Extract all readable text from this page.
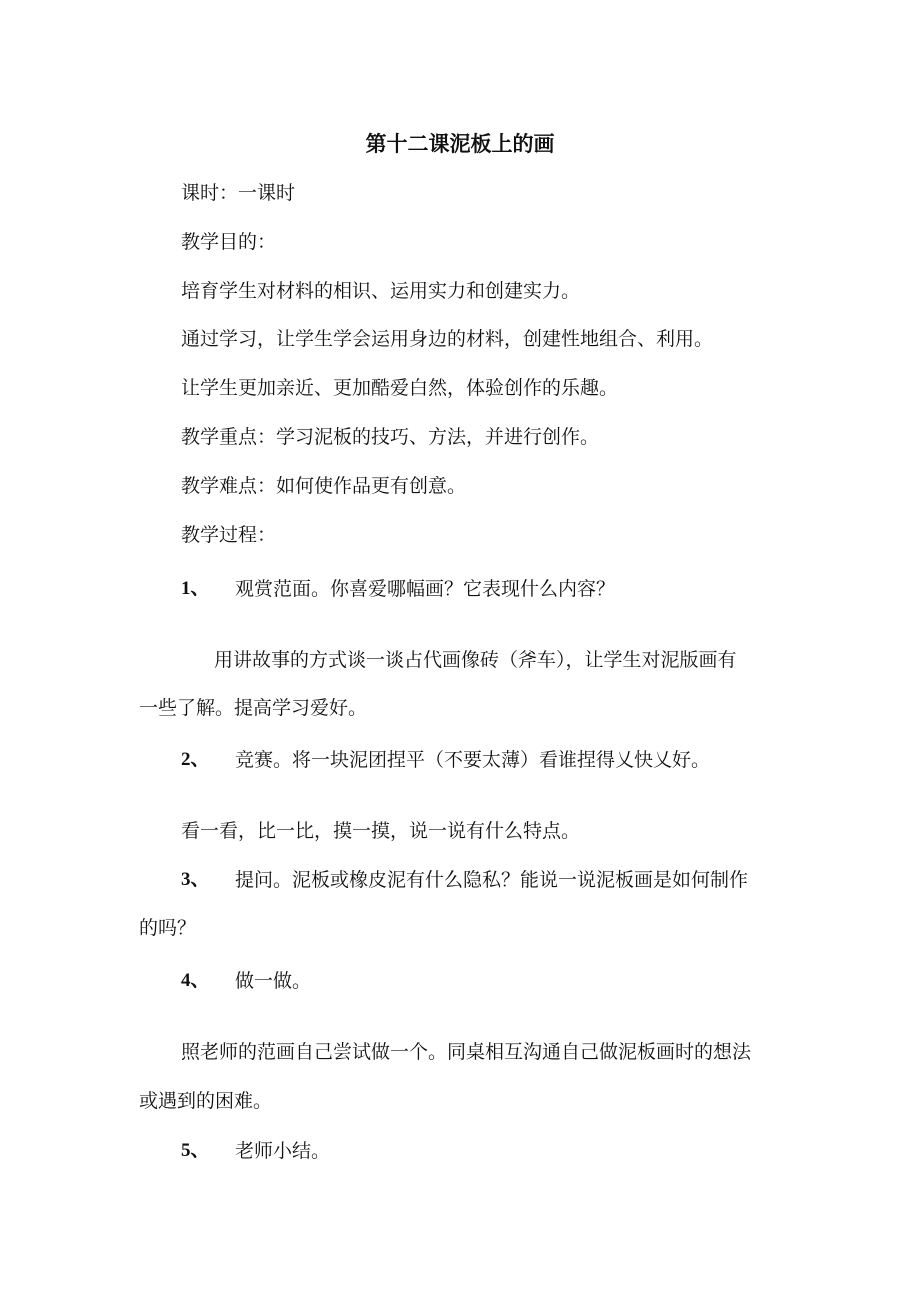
第十二课泥板上的画
课时：一课时
教学目的：
培育学生对材料的相识、运用实力和创建实力。
通过学习，让学生学会运用身边的材料，创建性地组合、利用。
让学生更加亲近、更加酷爱白然，体验创作的乐趣。
教学重点：学习泥板的技巧、方法，并进行创作。
教学难点：如何使作品更有创意。
教学过程：
1、 观赏范面。你喜爱哪幅画？它表现什么内容？
用讲故事的方式谈一谈占代画像砖（斧车），让学生对泥版画有
一些了解。提高学习爱好。
2、 竞赛。将一块泥团捏平（不要太薄）看谁捏得乂快乂好。
看一看，比一比，摸一摸，说一说有什么特点。
3、 提问。泥板或橡皮泥有什么隐私？能说一说泥板画是如何制作
的吗？
4、 做一做。
照老师的范画自己尝试做一个。同桌相互沟通自己做泥板画时的想法
或遇到的困难。
5、 老师小结。
